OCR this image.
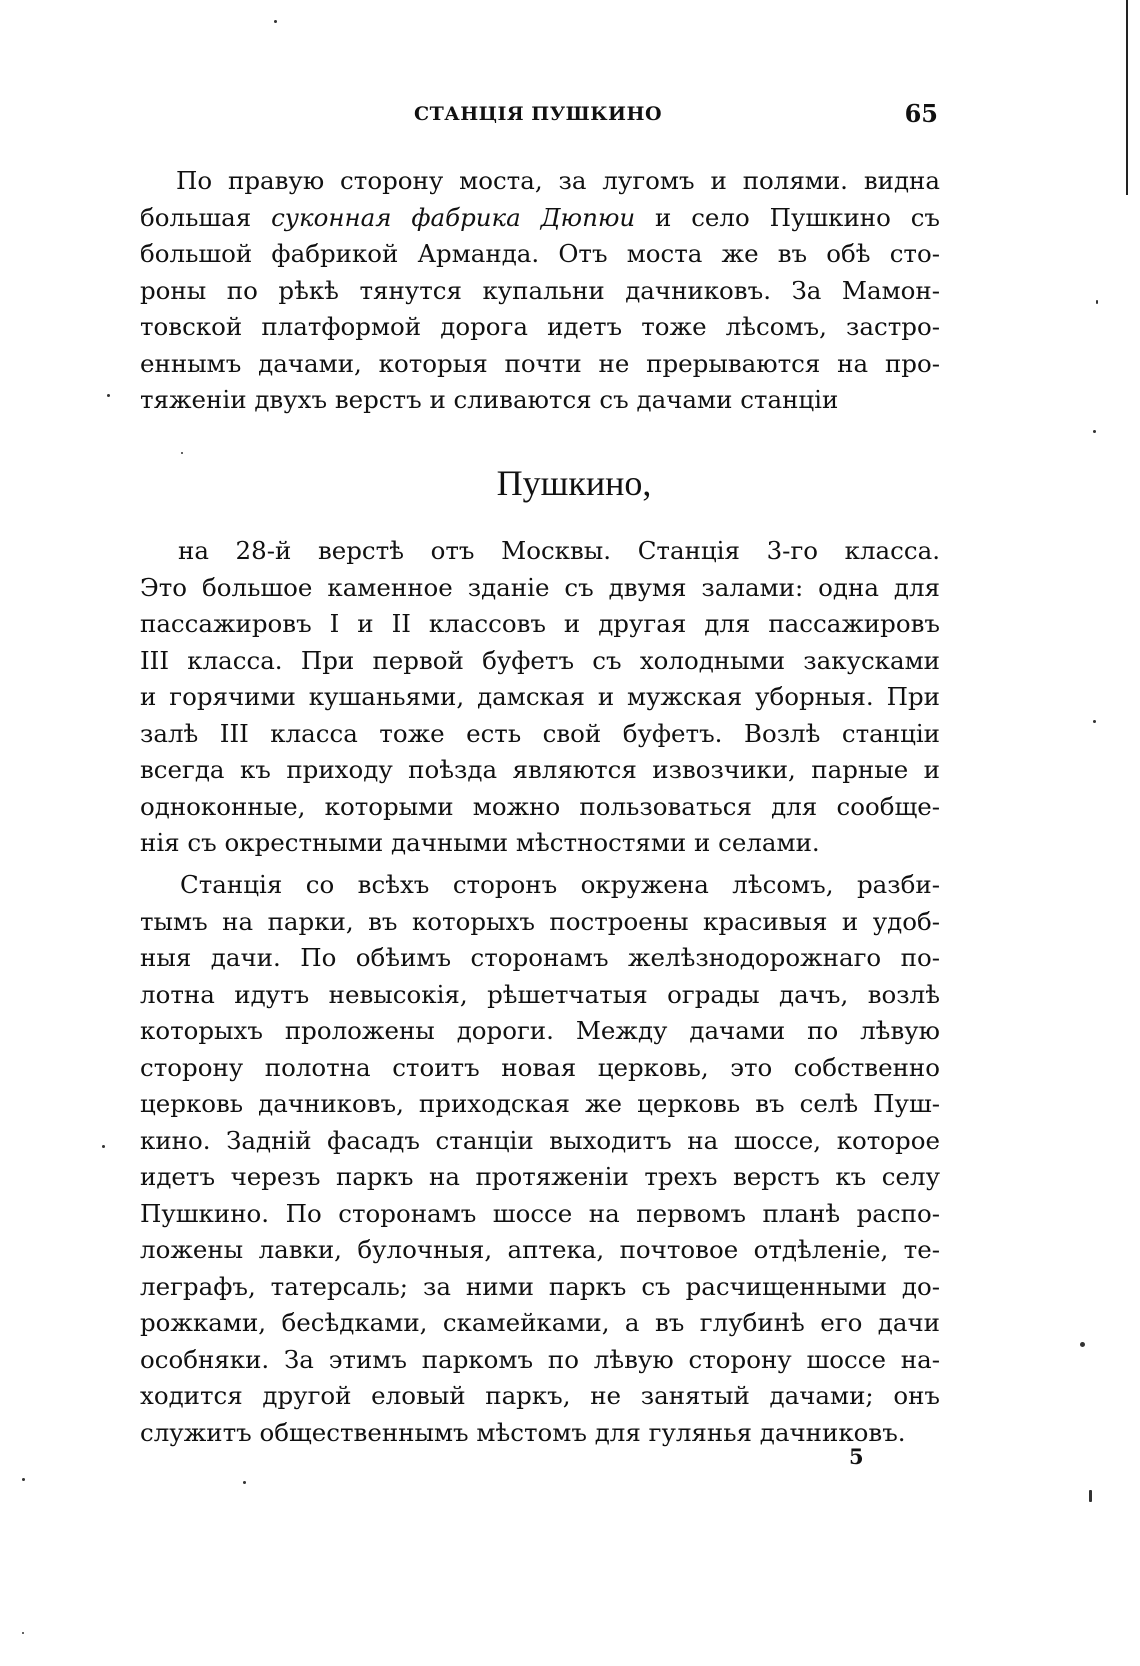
СТАНЦІЯ ПУШКИНО	65
По правую сторону моста, за лугомъ и полями. видна
большая суконная фабрика Дюпюи и село Пушкино съ
большой фабрикой Арманда. Отъ моста же въ обѣ сто-
роны по рѣкѣ тянутся купальни дачниковъ. За Мамон-
товской платформой дорога идетъ тоже лѣсомъ, застро-
еннымъ дачами, которыя почти не прерываются на про-
тяженіи двухъ верстъ и сливаются съ дачами станціи
Пушкино,
на 28-й верстѣ отъ Москвы. Станція 3-го класса.
Это большое каменное зданіе съ двумя залами: одна для
пассажировъ I и II классовъ и другая для пассажировъ
III класса. При первой буфетъ съ холодными закусками
и горячими кушаньями, дамская и мужская уборныя. При
залѣ III класса тоже есть свой буфетъ. Возлѣ станціи
всегда къ приходу поѣзда являются извозчики, парные и
одноконные, которыми можно пользоваться для сообще-
нія съ окрестными дачными мѣстностями и селами.
Станція со всѣхъ сторонъ окружена лѣсомъ, разби-
тымъ на парки, въ которыхъ построены красивыя и удоб-
ныя дачи. По обѣимъ сторонамъ желѣзнодорожнаго по-
лотна идутъ невысокія, рѣшетчатыя ограды дачъ, возлѣ
которыхъ проложены дороги. Между дачами по лѣвую
сторону полотна стоитъ новая церковь, это собственно
церковь дачниковъ, приходская же церковь въ селѣ Пуш-
кино. Задній фасадъ станціи выходитъ на шоссе, которое
идетъ черезъ паркъ на протяженіи трехъ верстъ къ селу
Пушкино. По сторонамъ шоссе на первомъ планѣ распо-
ложены лавки, булочныя, аптека, почтовое отдѣленіе, те-
леграфъ, татерсаль; за ними паркъ съ расчищенными до-
рожками, бесѣдками, скамейками, а въ глубинѣ его дачи
особняки. За этимъ паркомъ по лѣвую сторону шоссе на-
ходится другой еловый паркъ, не занятый дачами; онъ
служитъ общественнымъ мѣстомъ для гулянья дачниковъ.
5
